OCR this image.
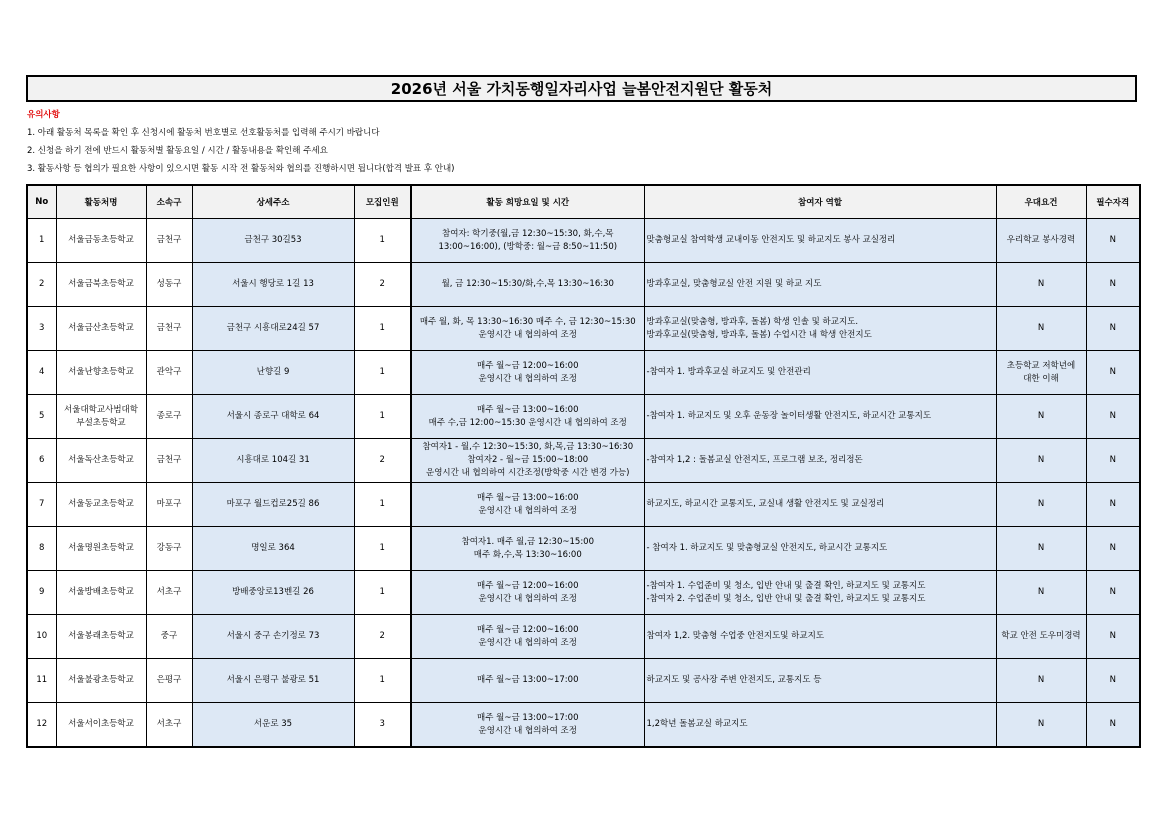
2026년 서울 가치동행일자리사업 늘봄안전지원단 활동처
유의사항
1. 아래 활동처 목록을 확인 후 신청시에 활동처 번호별로 선호활동처를 입력해 주시기 바랍니다
2. 신청을 하기 전에 반드시 활동처별 활동요일 / 시간 / 활동내용을 확인해 주세요
3. 활동사항 등 협의가 필요한 사항이 있으시면 활동 시작 전 활동처와 협의를 진행하시면 됩니다(합격 발표 후 안내)
No	활동처명	소속구	상세주소	모집인원	활동 희망요일 및 시간	참여자 역할	우대요건	필수자격
1	서울금동초등학교	금천구	금천구 30길53	1	참여자: 학기중(월,금 12:30~15:30, 화,수,목
13:00~16:00), (방학중: 월~금 8:50~11:50)	맞춤형교실 참여학생 교내이동 안전지도 및 하교지도 봉사 교실정리	우리학교 봉사경력	N
2	서울금북초등학교	성동구	서울시 행당로 1길 13	2	월, 금 12:30~15:30/화,수,목 13:30~16:30	방과후교실, 맞춤형교실 안전 지원 및 하교 지도	N	N
3	서울금산초등학교	금천구	금천구 시흥대로24길 57	1	매주 월, 화, 목 13:30~16:30 매주 수, 금 12:30~15:30
운영시간 내 협의하여 조정	방과후교실(맞춤형, 방과후, 돌봄) 학생 인솔 및 하교지도.
방과후교실(맞춤형, 방과후, 돌봄) 수업시간 내 학생 안전지도	N	N
4	서울난향초등학교	관악구	난향길 9	1	매주 월~금 12:00~16:00
운영시간 내 협의하여 조정	-참여자 1. 방과후교실 하교지도 및 안전관리	초등학교 저학년에
대한 이해	N
5	서울대학교사범대학
부설초등학교	종로구	서울시 종로구 대학로 64	1	매주 월~금 13:00~16:00
매주 수,금 12:00~15:30 운영시간 내 협의하여 조정	-참여자 1. 하교지도 및 오후 운동장 놀이터생활 안전지도, 하교시간 교통지도	N	N
6	서울독산초등학교	금천구	시흥대로 104길 31	2	참여자1 - 월,수 12:30~15:30, 화,목,금 13:30~16:30
참여자2 - 월~금 15:00~18:00
운영시간 내 협의하여 시간조정(방학중 시간 변경 가능)	-참여자 1,2 : 돌봄교실 안전지도, 프로그램 보조, 정리정돈	N	N
7	서울동교초등학교	마포구	마포구 월드컵로25길 86	1	매주 월~금 13:00~16:00
운영시간 내 협의하여 조정	하교지도, 하교시간 교통지도, 교실내 생활 안전지도 및 교실정리	N	N
8	서울명원초등학교	강동구	명일로 364	1	참여자1. 매주 월,금 12:30~15:00
매주 화,수,목 13:30~16:00	- 참여자 1. 하교지도 및 맞춤형교실 안전지도, 하교시간 교통지도	N	N
9	서울방배초등학교	서초구	방배중앙로13벤길 26	1	매주 월~금 12:00~16:00
운영시간 내 협의하여 조정	-참여자 1. 수업준비 및 청소, 입반 안내 및 출결 확인, 하교지도 및 교통지도
-참여자 2. 수업준비 및 청소, 입반 안내 및 출결 확인, 하교지도 및 교통지도	N	N
10	서울봉래초등학교	중구	서울시 중구 손기정로 73	2	매주 월~금 12:00~16:00
운영시간 내 협의하여 조정	참여자 1,2. 맞춤형 수업중 안전지도및 하교지도	학교 안전 도우미경력	N
11	서울불광초등학교	은평구	서울시 은평구 불광로 51	1	매주 월~금 13:00~17:00	하교지도 및 공사장 주변 안전지도, 교통지도 등	N	N
12	서울서이초등학교	서초구	서운로 35	3	매주 월~금 13:00~17:00
운영시간 내 협의하여 조정	1,2학년 돌봄교실 하교지도	N	N
